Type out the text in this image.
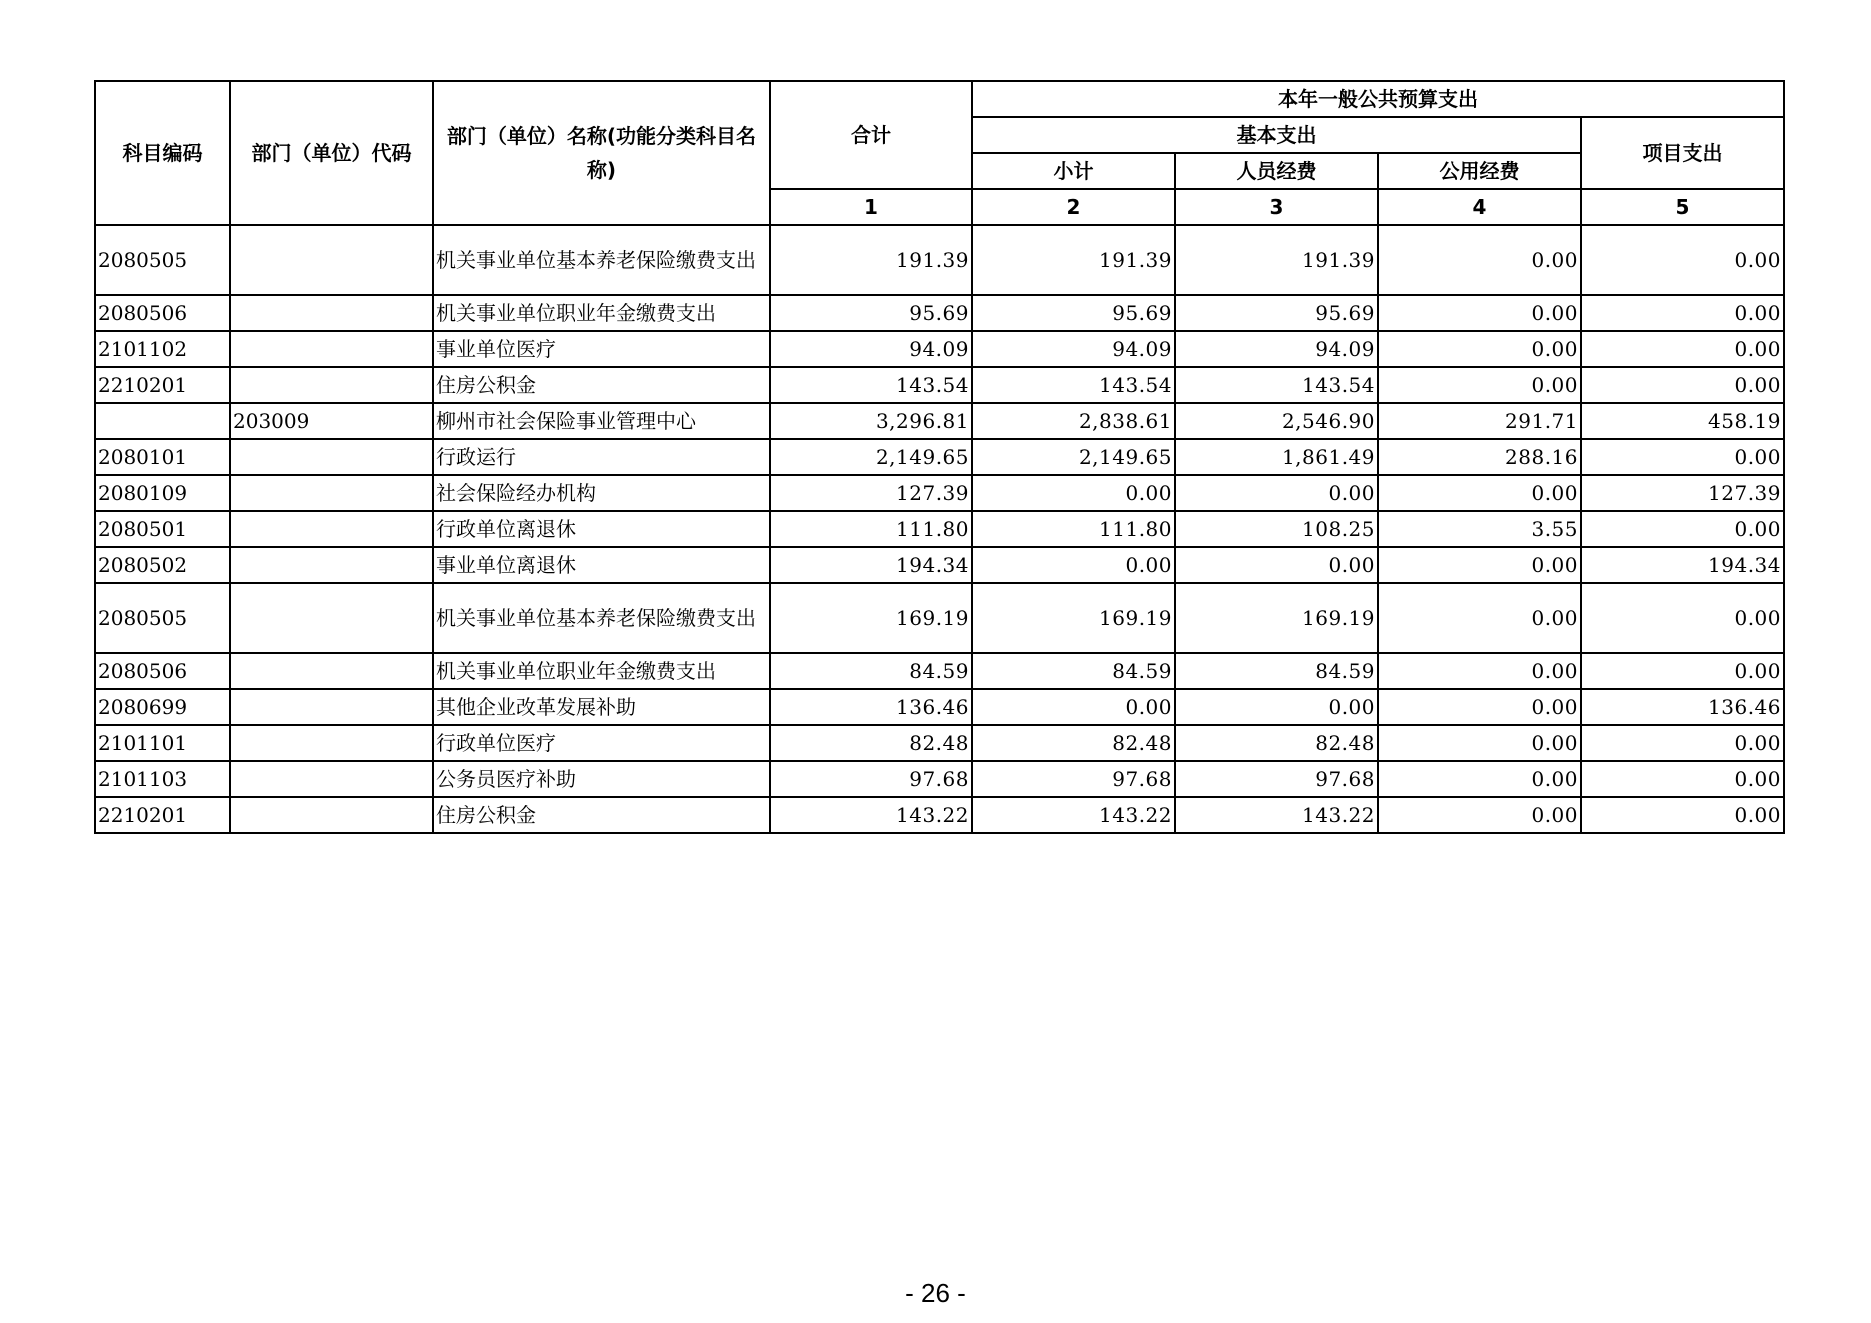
科目编码	部门（单位）代码	部门（单位）名称(功能分类科目名称)	合计	本年一般公共预算支出			
				基本支出			项目支出
				小计	人员经费	公用经费	
			1	2	3	4	5
2080505		机关事业单位基本养老保险缴费支出	191.39	191.39	191.39	0.00	0.00
2080506		机关事业单位职业年金缴费支出	95.69	95.69	95.69	0.00	0.00
2101102		事业单位医疗	94.09	94.09	94.09	0.00	0.00
2210201		住房公积金	143.54	143.54	143.54	0.00	0.00
	203009	柳州市社会保险事业管理中心	3,296.81	2,838.61	2,546.90	291.71	458.19
2080101		行政运行	2,149.65	2,149.65	1,861.49	288.16	0.00
2080109		社会保险经办机构	127.39	0.00	0.00	0.00	127.39
2080501		行政单位离退休	111.80	111.80	108.25	3.55	0.00
2080502		事业单位离退休	194.34	0.00	0.00	0.00	194.34
2080505		机关事业单位基本养老保险缴费支出	169.19	169.19	169.19	0.00	0.00
2080506		机关事业单位职业年金缴费支出	84.59	84.59	84.59	0.00	0.00
2080699		其他企业改革发展补助	136.46	0.00	0.00	0.00	136.46
2101101		行政单位医疗	82.48	82.48	82.48	0.00	0.00
2101103		公务员医疗补助	97.68	97.68	97.68	0.00	0.00
2210201		住房公积金	143.22	143.22	143.22	0.00	0.00
- 26 -
